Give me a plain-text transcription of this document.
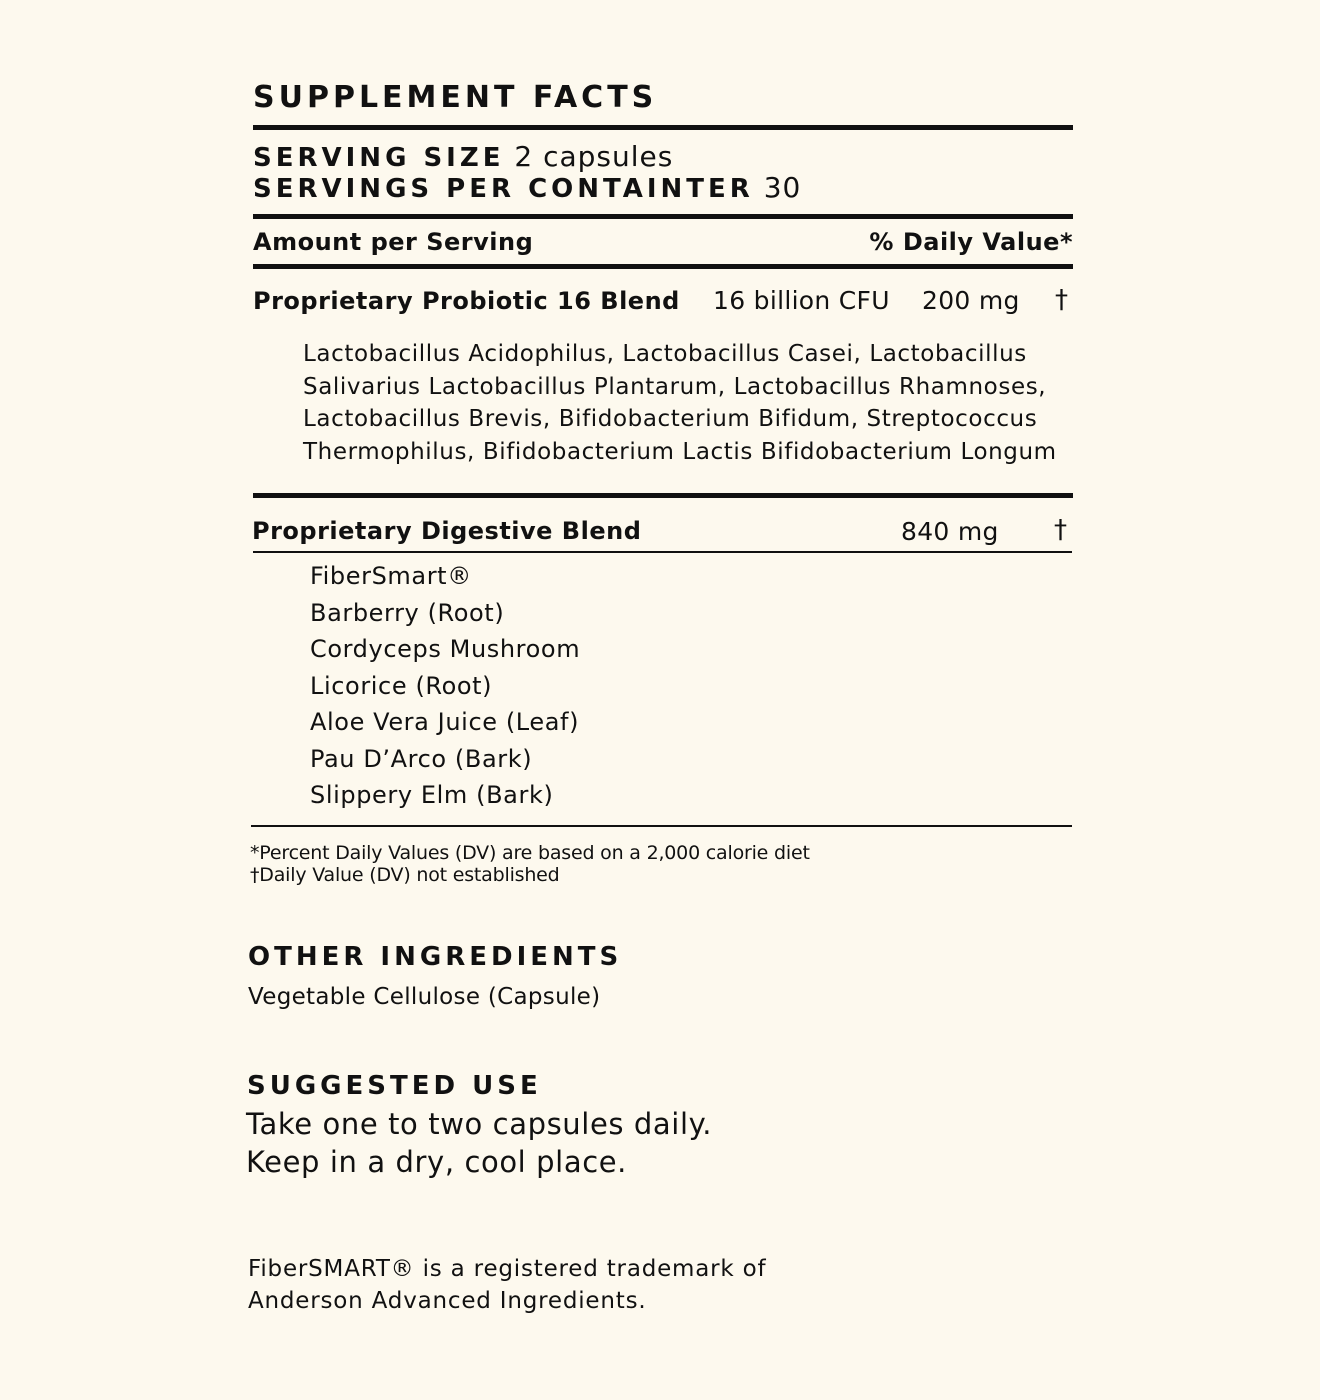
SUPPLEMENT FACTS
SERVING SIZE 2 capsules
SERVINGS PER CONTAINTER 30
Amount per Serving	% Daily Value*
Proprietary Probiotic 16 Blend 16 billion CFU 200 mg †
Lactobacillus Acidophilus, Lactobacillus Casei, Lactobacillus
Salivarius Lactobacillus Plantarum, Lactobacillus Rhamnoses,
Lactobacillus Brevis, Bifidobacterium Bifidum, Streptococcus
Thermophilus, Bifidobacterium Lactis Bifidobacterium Longum
Proprietary Digestive Blend	840 mg †
FiberSmart®
Barberry (Root)
Cordyceps Mushroom
Licorice (Root)
Aloe Vera Juice (Leaf)
Pau D’Arco (Bark)
Slippery Elm (Bark)
*Percent Daily Values (DV) are based on a 2,000 calorie diet
†Daily Value (DV) not established
OTHER INGREDIENTS
Vegetable Cellulose (Capsule)
SUGGESTED USE
Take one to two capsules daily.
Keep in a dry, cool place.
FiberSMART® is a registered trademark of
Anderson Advanced Ingredients.
